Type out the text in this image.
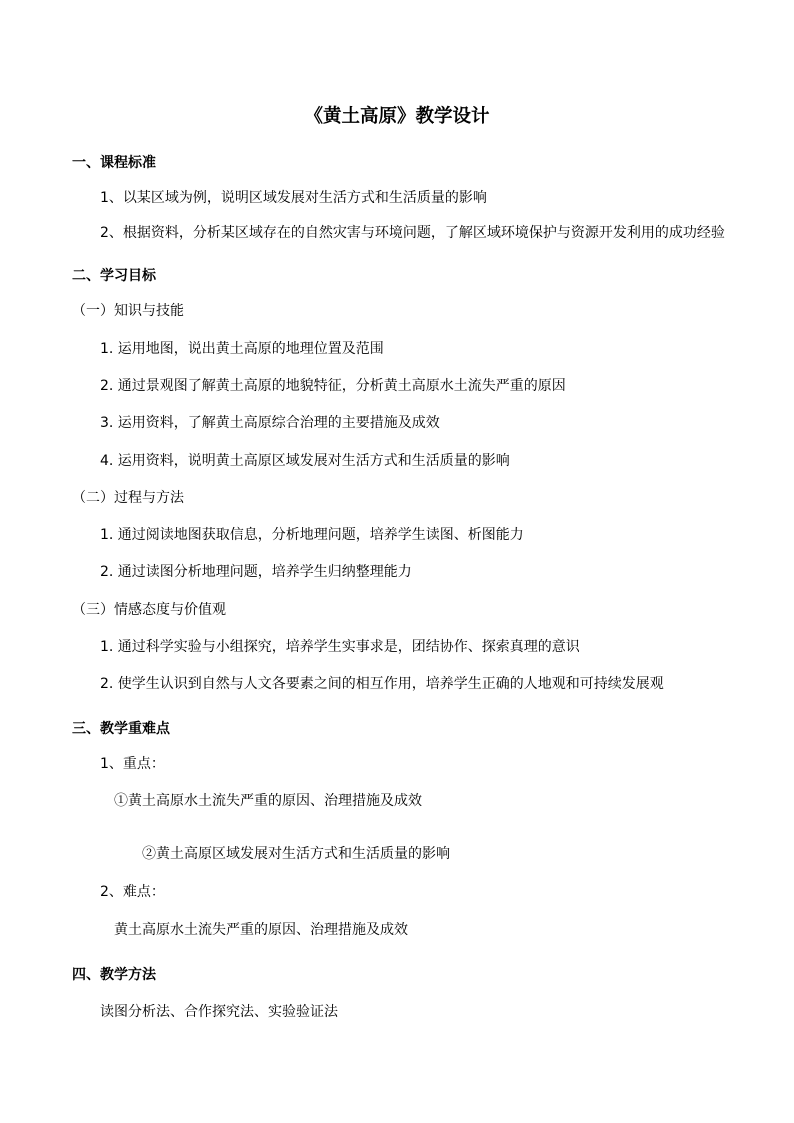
《黄土高原》教学设计
一、课程标准
1、以某区域为例，说明区域发展对生活方式和生活质量的影响
2、根据资料，分析某区域存在的自然灾害与环境问题，了解区域环境保护与资源开发利用的成功经验
二、学习目标
（一）知识与技能
1. 运用地图，说出黄土高原的地理位置及范围
2. 通过景观图了解黄土高原的地貌特征，分析黄土高原水土流失严重的原因
3. 运用资料，了解黄土高原综合治理的主要措施及成效
4. 运用资料，说明黄土高原区域发展对生活方式和生活质量的影响
（二）过程与方法
1. 通过阅读地图获取信息，分析地理问题，培养学生读图、析图能力
2. 通过读图分析地理问题，培养学生归纳整理能力
（三）情感态度与价值观
1. 通过科学实验与小组探究，培养学生实事求是，团结协作、探索真理的意识
2. 使学生认识到自然与人文各要素之间的相互作用，培养学生正确的人地观和可持续发展观
三、教学重难点
1、重点：
①黄土高原水土流失严重的原因、治理措施及成效
②黄土高原区域发展对生活方式和生活质量的影响
2、难点：
黄土高原水土流失严重的原因、治理措施及成效
四、教学方法
读图分析法、合作探究法、实验验证法
